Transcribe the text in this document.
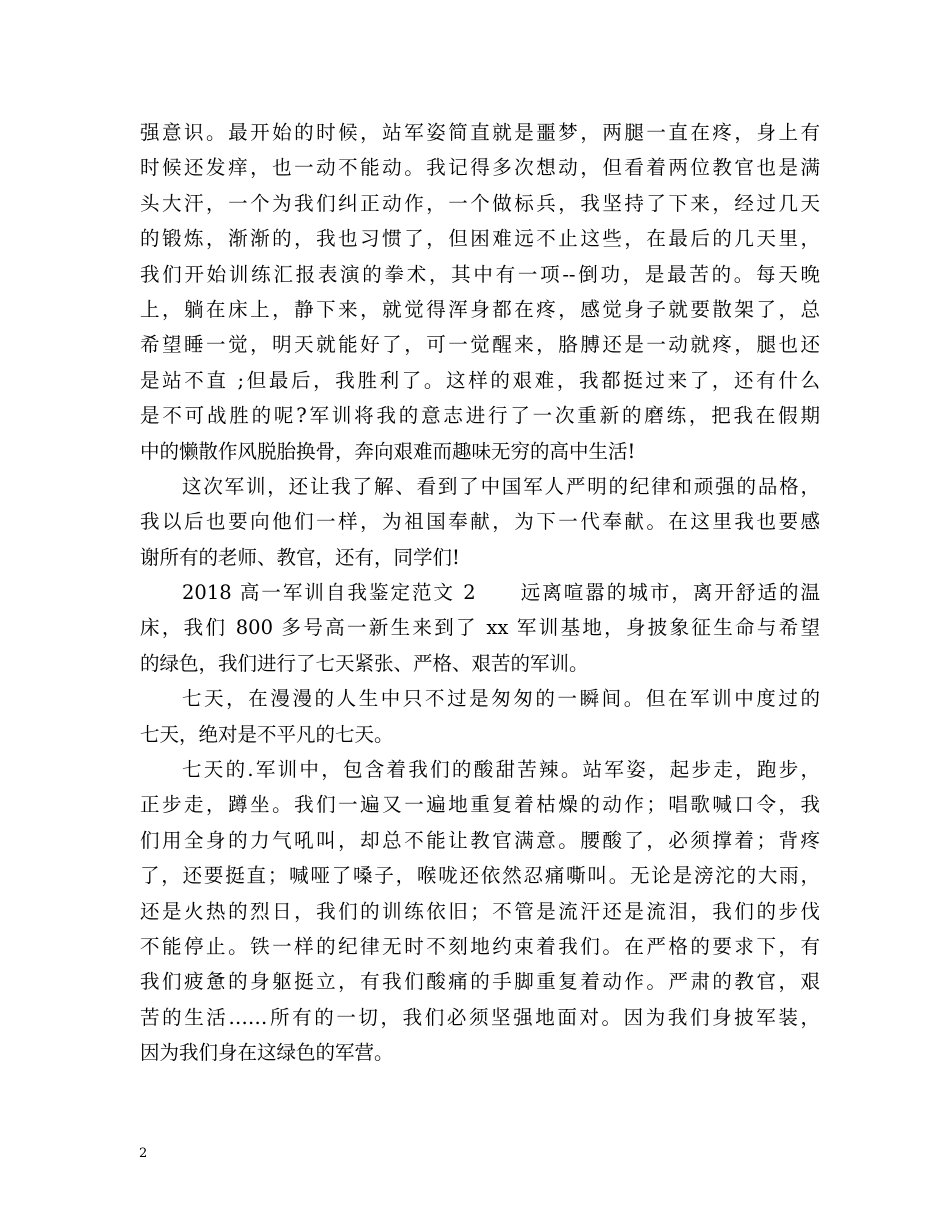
强意识。最开始的时候，站军姿简直就是噩梦，两腿一直在疼，身上有
时候还发痒，也一动不能动。我记得多次想动，但看着两位教官也是满
头大汗，一个为我们纠正动作，一个做标兵，我坚持了下来，经过几天
的锻炼，渐渐的，我也习惯了，但困难远不止这些，在最后的几天里，
我们开始训练汇报表演的拳术，其中有一项--倒功，是最苦的。每天晚
上，躺在床上，静下来，就觉得浑身都在疼，感觉身子就要散架了，总
希望睡一觉，明天就能好了，可一觉醒来，胳膊还是一动就疼，腿也还
是站不直 ;但最后，我胜利了。这样的艰难，我都挺过来了，还有什么
是不可战胜的呢?军训将我的意志进行了一次重新的磨练，把我在假期
中的懒散作风脱胎换骨，奔向艰难而趣味无穷的高中生活!
这次军训，还让我了解、看到了中国军人严明的纪律和顽强的品格，
我以后也要向他们一样，为祖国奉献，为下一代奉献。在这里我也要感
谢所有的老师、教官，还有，同学们!
2018 高一军训自我鉴定范文 2　　远离喧嚣的城市，离开舒适的温
床，我们 800 多号高一新生来到了 xx 军训基地，身披象征生命与希望
的绿色，我们进行了七天紧张、严格、艰苦的军训。
七天，在漫漫的人生中只不过是匆匆的一瞬间。但在军训中度过的
七天，绝对是不平凡的七天。
七天的.军训中，包含着我们的酸甜苦辣。站军姿，起步走，跑步，
正步走，蹲坐。我们一遍又一遍地重复着枯燥的动作；唱歌喊口令，我
们用全身的力气吼叫，却总不能让教官满意。腰酸了，必须撑着；背疼
了，还要挺直；喊哑了嗓子，喉咙还依然忍痛嘶叫。无论是滂沱的大雨，
还是火热的烈日，我们的训练依旧；不管是流汗还是流泪，我们的步伐
不能停止。铁一样的纪律无时不刻地约束着我们。在严格的要求下，有
我们疲惫的身躯挺立，有我们酸痛的手脚重复着动作。严肃的教官，艰
苦的生活……所有的一切，我们必须坚强地面对。因为我们身披军装，
因为我们身在这绿色的军营。
2
